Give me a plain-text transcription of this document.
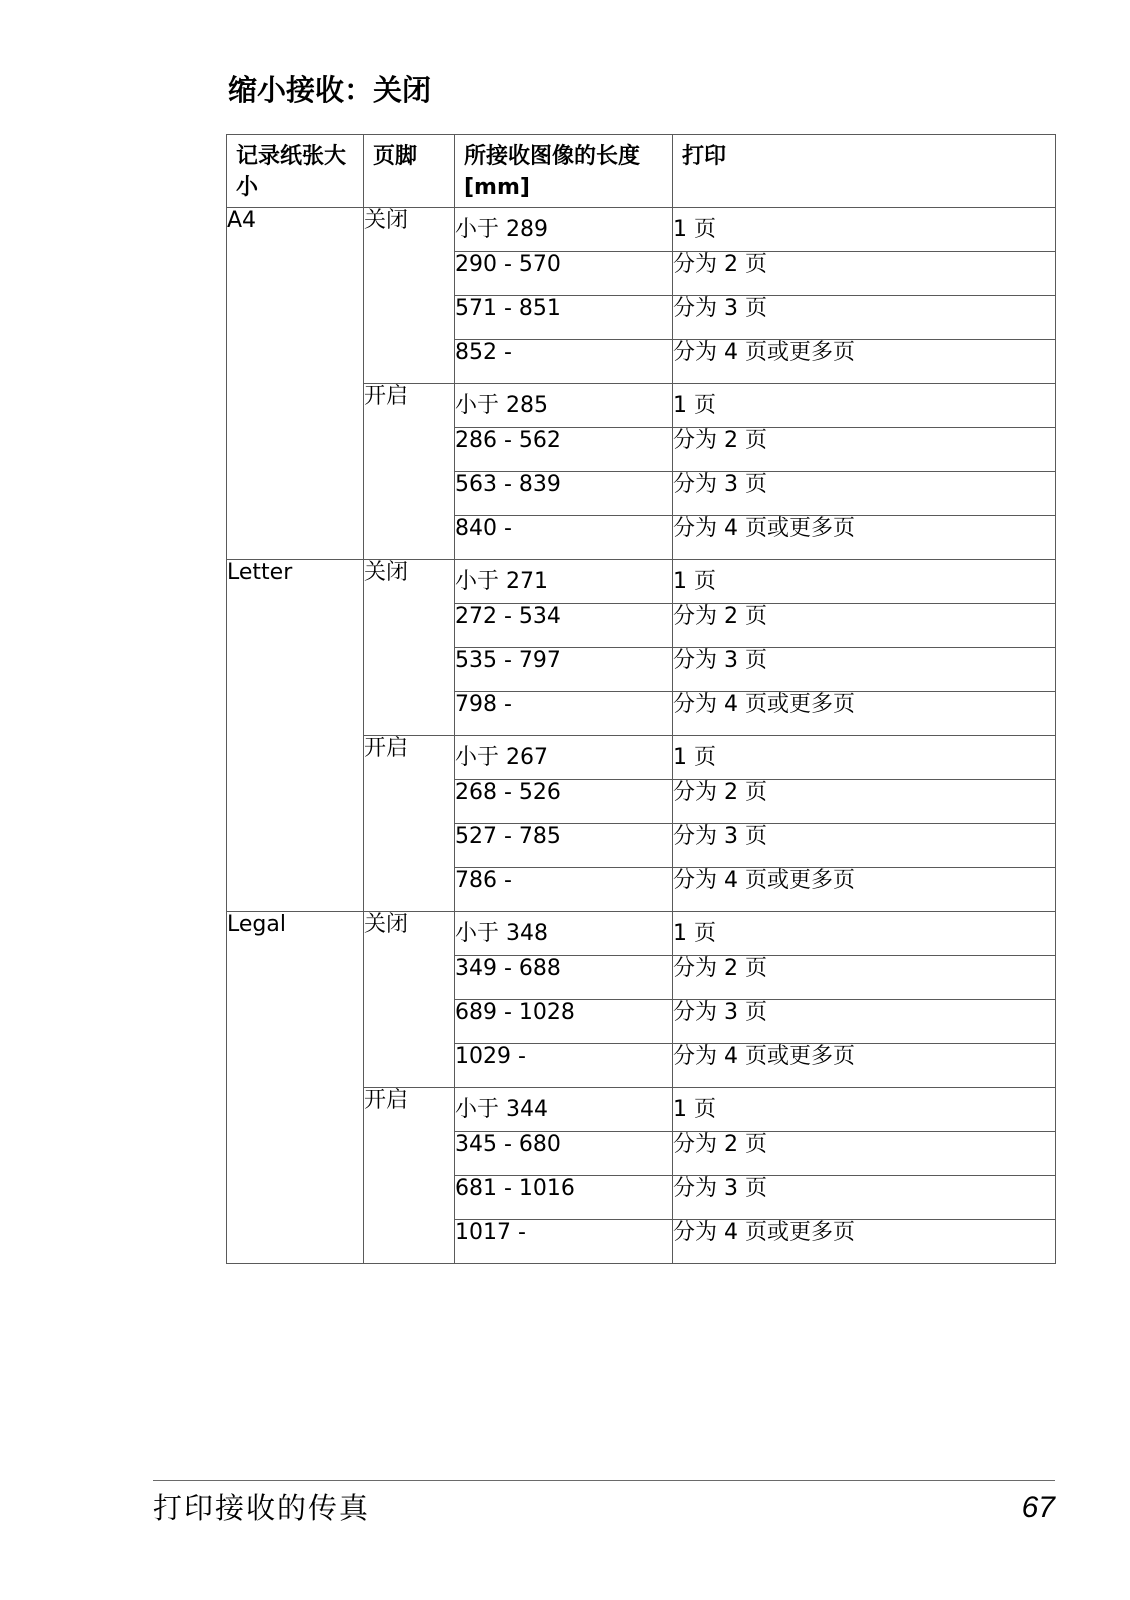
缩小接收：关闭
记录纸张大小	页脚	所接收图像的长度 [mm]	打印
A4	关闭	小于 289	1 页
		290 - 570	分为 2 页
		571 - 851	分为 3 页
		852 -	分为 4 页或更多页
	开启	小于 285	1 页
		286 - 562	分为 2 页
		563 - 839	分为 3 页
		840 -	分为 4 页或更多页
Letter	关闭	小于 271	1 页
		272 - 534	分为 2 页
		535 - 797	分为 3 页
		798 -	分为 4 页或更多页
	开启	小于 267	1 页
		268 - 526	分为 2 页
		527 - 785	分为 3 页
		786 -	分为 4 页或更多页
Legal	关闭	小于 348	1 页
		349 - 688	分为 2 页
		689 - 1028	分为 3 页
		1029 -	分为 4 页或更多页
	开启	小于 344	1 页
		345 - 680	分为 2 页
		681 - 1016	分为 3 页
		1017 -	分为 4 页或更多页
打印接收的传真	67
